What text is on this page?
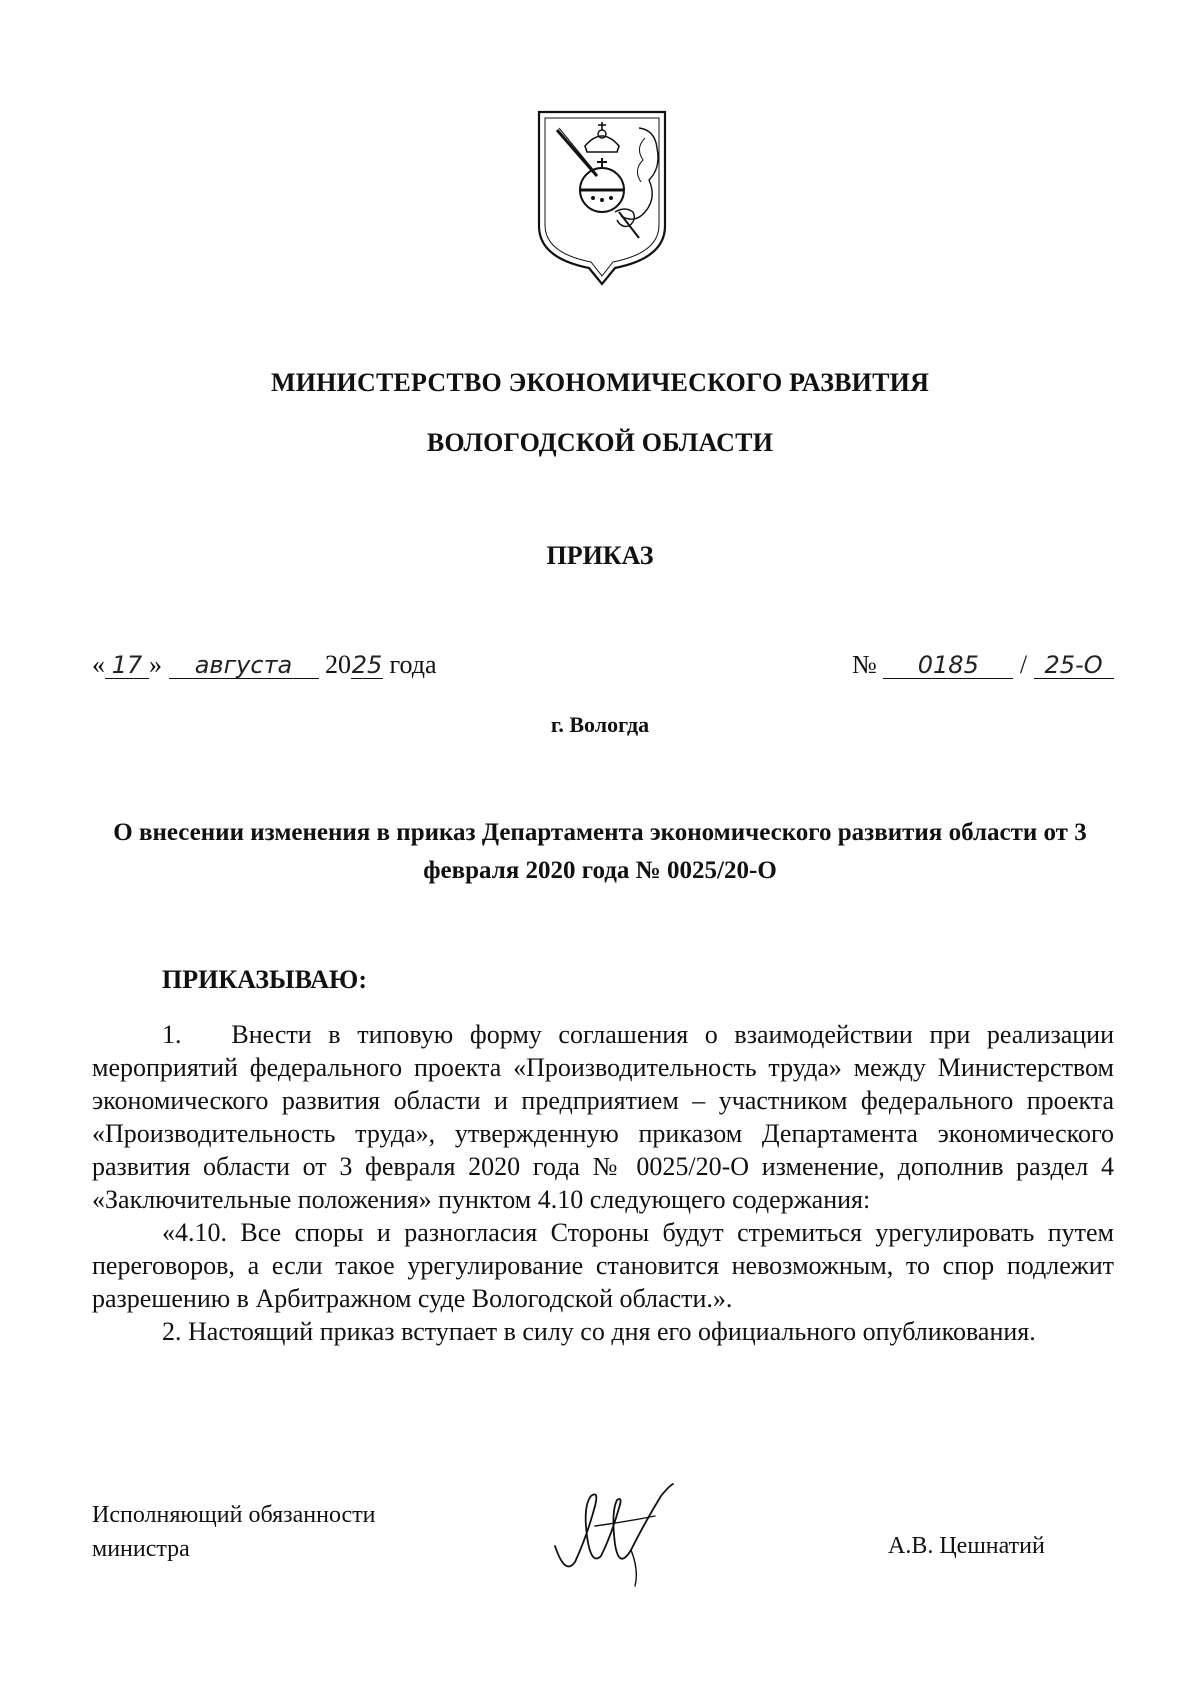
МИНИСТЕРСТВО ЭКОНОМИЧЕСКОГО РАЗВИТИЯ
ВОЛОГОДСКОЙ ОБЛАСТИ
ПРИКАЗ
« 17 » августа 2025 года	№ 0185 / 25-О
г. Вологда
О внесении изменения в приказ Департамента экономического развития области от 3 февраля 2020 года № 0025/20-О
ПРИКАЗЫВАЮ:

1.   Внести в типовую форму соглашения о взаимодействии при реализации мероприятий федерального проекта «Производительность труда» между Министерством экономического развития области и предприятием – участником федерального проекта «Производительность труда», утвержденную приказом Департамента экономического развития области от 3 февраля 2020 года № 0025/20-О изменение, дополнив раздел 4 «Заключительные положения» пунктом 4.10 следующего содержания:

«4.10. Все споры и разногласия Стороны будут стремиться урегулировать путем переговоров, а если такое урегулирование становится невозможным, то спор подлежит разрешению в Арбитражном суде Вологодской области.».

2. Настоящий приказ вступает в силу со дня его официального опубликования.

Исполняющий обязанности
министра	А.В. Цешнатий
